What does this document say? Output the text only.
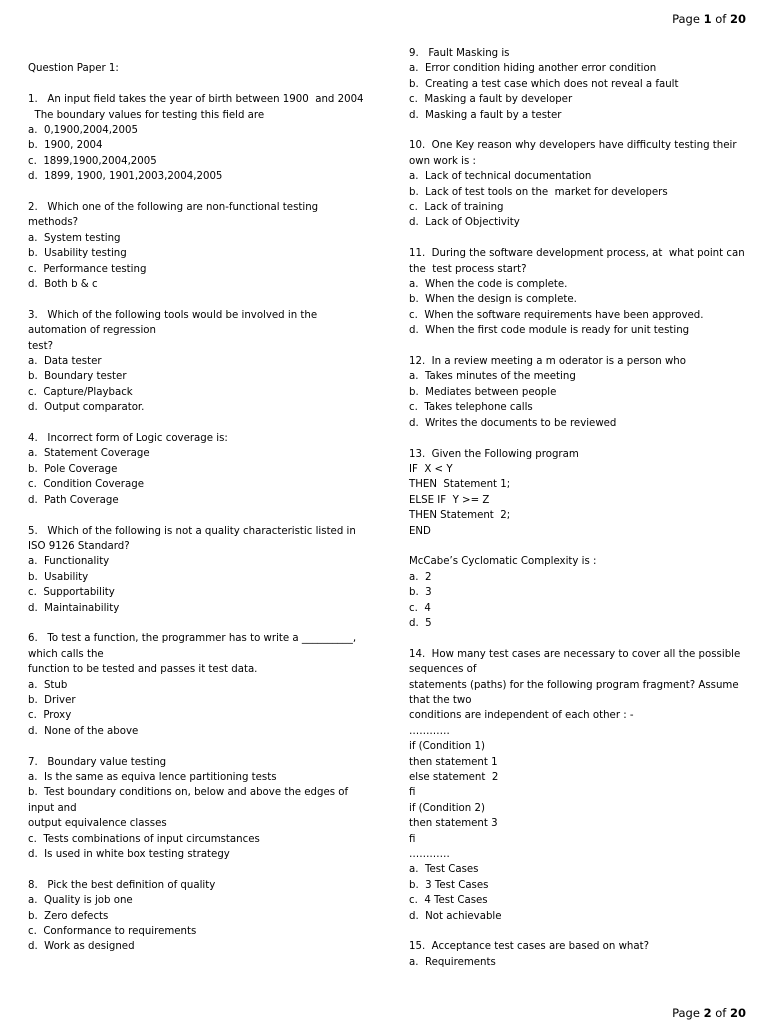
Page 1 of 20
Question Paper 1:
1.   An input field takes the year of birth between 1900  and 2004
The boundary values for testing this field are
a.  0,1900,2004,2005
b.  1900, 2004
c.  1899,1900,2004,2005
d.  1899, 1900, 1901,2003,2004,2005
2.   Which one of the following are non-functional testing
methods?
a.  System testing
b.  Usability testing
c.  Performance testing
d.  Both b & c
3.   Which of the following tools would be involved in the
automation of regression
test?
a.  Data tester
b.  Boundary tester
c.  Capture/Playback
d.  Output comparator.
4.   Incorrect form of Logic coverage is:
a.  Statement Coverage
b.  Pole Coverage
c.  Condition Coverage
d.  Path Coverage
5.   Which of the following is not a quality characteristic listed in
ISO 9126 Standard?
a.  Functionality
b.  Usability
c.  Supportability
d.  Maintainability
6.   To test a function, the programmer has to write a __________,
which calls the
function to be tested and passes it test data.
a.  Stub
b.  Driver
c.  Proxy
d.  None of the above
7.   Boundary value testing
a.  Is the same as equiva lence partitioning tests
b.  Test boundary conditions on, below and above the edges of
input and
output equivalence classes
c.  Tests combinations of input circumstances
d.  Is used in white box testing strategy
8.   Pick the best definition of quality
a.  Quality is job one
b.  Zero defects
c.  Conformance to requirements
d.  Work as designed
9.   Fault Masking is
a.  Error condition hiding another error condition
b.  Creating a test case which does not reveal a fault
c.  Masking a fault by developer
d.  Masking a fault by a tester
10.  One Key reason why developers have difficulty testing their
own work is :
a.  Lack of technical documentation
b.  Lack of test tools on the  market for developers
c.  Lack of training
d.  Lack of Objectivity
11.  During the software development process, at  what point can
the  test process start?
a.  When the code is complete.
b.  When the design is complete.
c.  When the software requirements have been approved.
d.  When the first code module is ready for unit testing
12.  In a review meeting a m oderator is a person who
a.  Takes minutes of the meeting
b.  Mediates between people
c.  Takes telephone calls
d.  Writes the documents to be reviewed
13.  Given the Following program
IF  X < Y
THEN  Statement 1;
ELSE IF  Y >= Z
THEN Statement  2;
END
McCabe’s Cyclomatic Complexity is :
a.  2
b.  3
c.  4
d.  5
14.  How many test cases are necessary to cover all the possible
sequences of
statements (paths) for the following program fragment? Assume
that the two
conditions are independent of each other : -
…………
if (Condition 1)
then statement 1
else statement  2
fi
if (Condition 2)
then statement 3
fi
…………
a.  Test Cases
b.  3 Test Cases
c.  4 Test Cases
d.  Not achievable
15.  Acceptance test cases are based on what?
a.  Requirements
Page 2 of 20
